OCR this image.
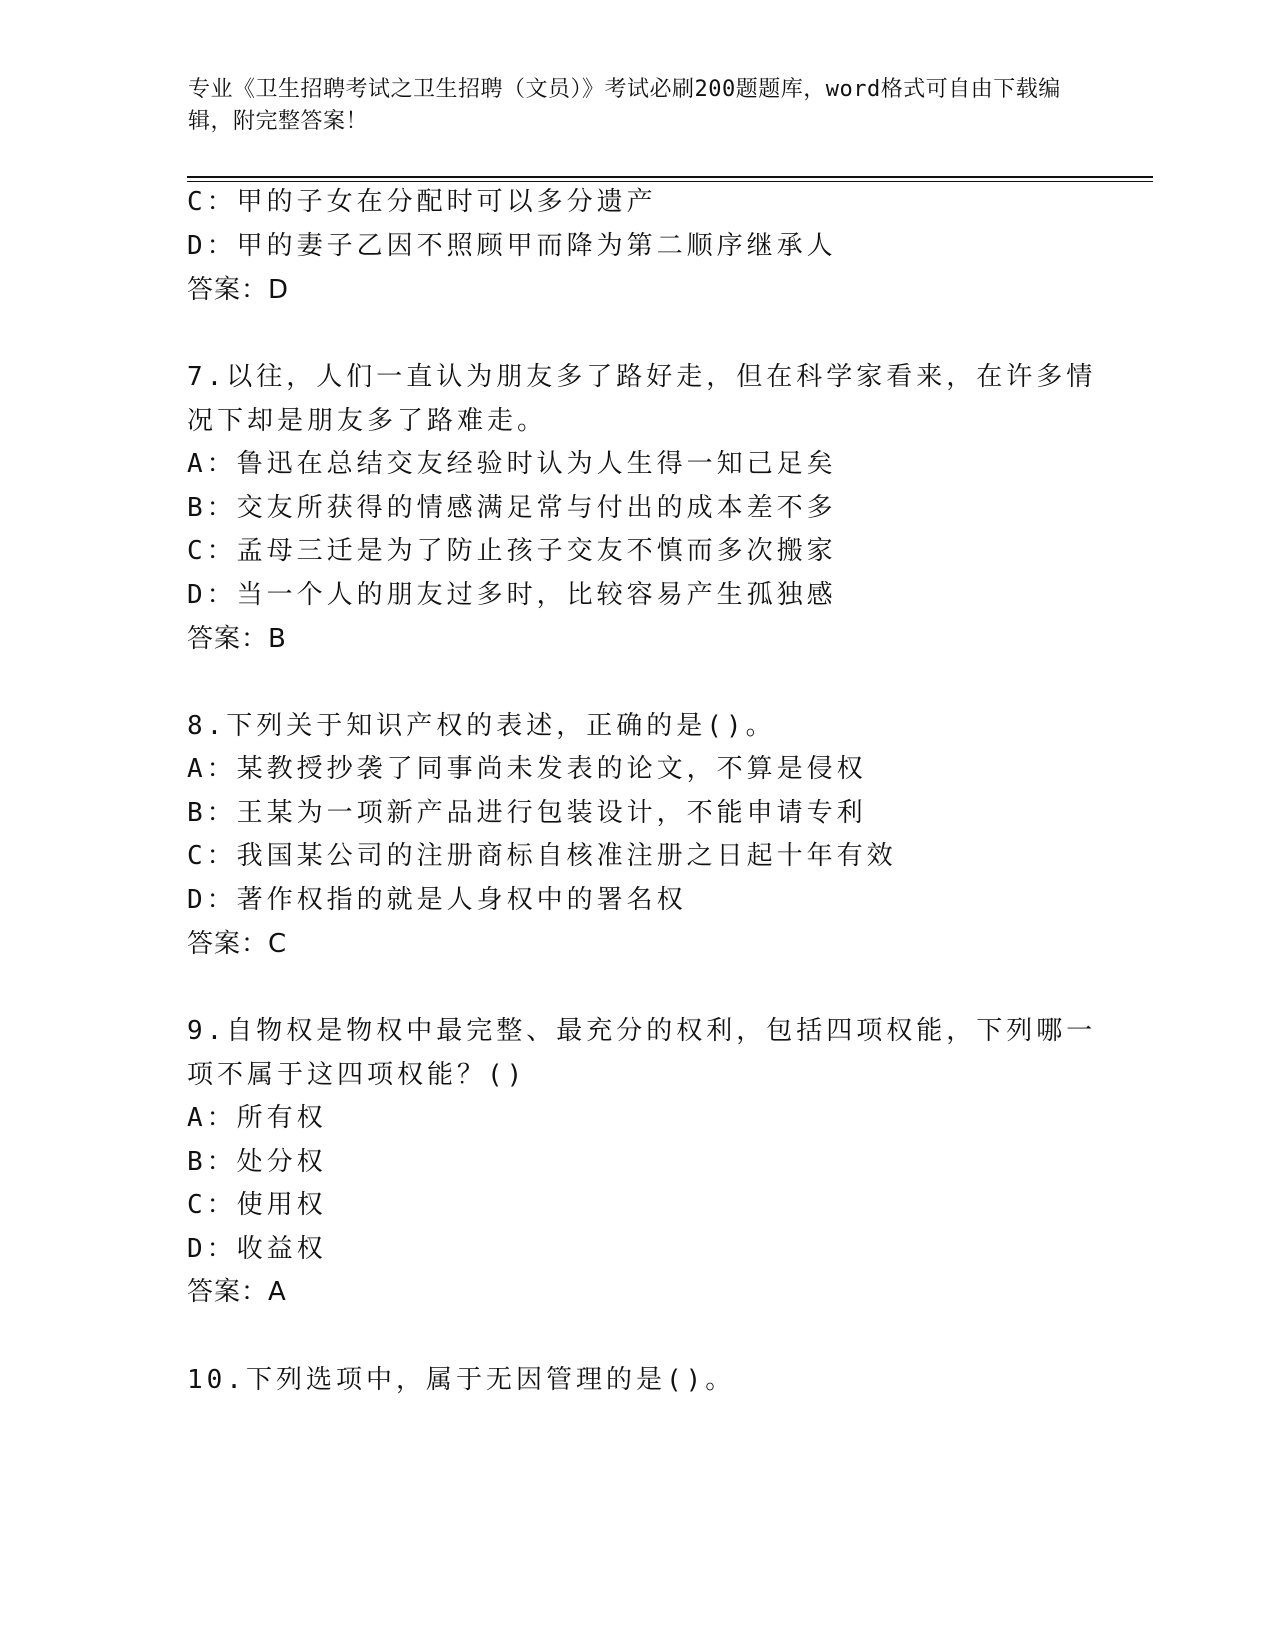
专业《卫生招聘考试之卫生招聘（文员）》考试必刷200题题库，word格式可自由下载编辑，附完整答案！
C：甲的子女在分配时可以多分遗产
D：甲的妻子乙因不照顾甲而降为第二顺序继承人
答案：D
7.以往，人们一直认为朋友多了路好走，但在科学家看来，在许多情
况下却是朋友多了路难走。
A：鲁迅在总结交友经验时认为人生得一知己足矣
B：交友所获得的情感满足常与付出的成本差不多
C：孟母三迁是为了防止孩子交友不慎而多次搬家
D：当一个人的朋友过多时，比较容易产生孤独感
答案：B
8.下列关于知识产权的表述，正确的是()。
A：某教授抄袭了同事尚未发表的论文，不算是侵权
B：王某为一项新产品进行包装设计，不能申请专利
C：我国某公司的注册商标自核准注册之日起十年有效
D：著作权指的就是人身权中的署名权
答案：C
9.自物权是物权中最完整、最充分的权利，包括四项权能，下列哪一
项不属于这四项权能？()
A：所有权
B：处分权
C：使用权
D：收益权
答案：A
10.下列选项中，属于无因管理的是()。
